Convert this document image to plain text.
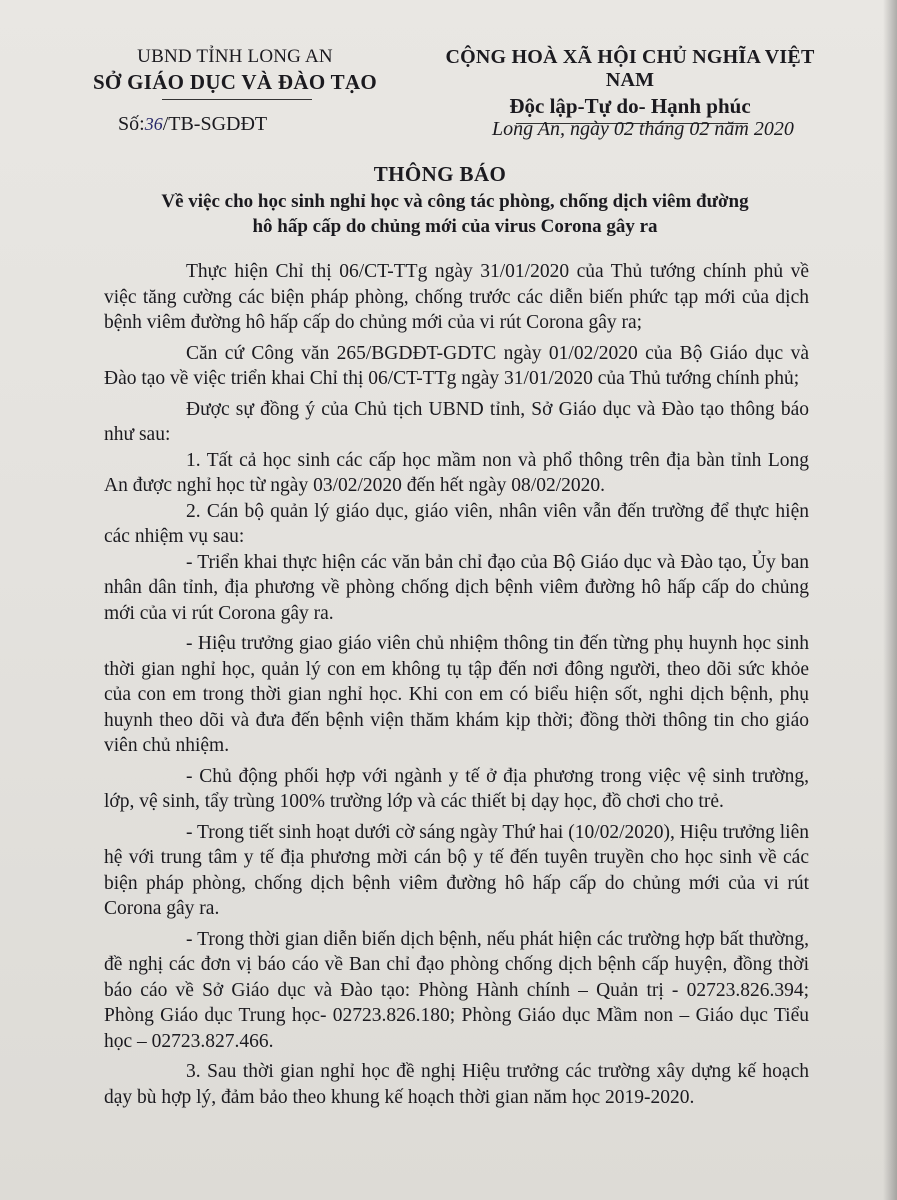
UBND TỈNH LONG AN
SỞ GIÁO DỤC VÀ ĐÀO TẠO
CỘNG HOÀ XÃ HỘI CHỦ NGHĨA VIỆT NAM
Độc lập-Tự do- Hạnh phúc
Số:36/TB-SGDĐT	Long An, ngày 02 tháng 02 năm 2020
THÔNG BÁO
Về việc cho học sinh nghỉ học và công tác phòng, chống dịch viêm đường
hô hấp cấp do chủng mới của virus Corona gây ra

Thực hiện Chỉ thị 06/CT-TTg ngày 31/01/2020 của Thủ tướng chính phủ về việc tăng cường các biện pháp phòng, chống trước các diễn biến phức tạp mới của dịch bệnh viêm đường hô hấp cấp do chủng mới của vi rút Corona gây ra;

Căn cứ Công văn 265/BGDĐT-GDTC ngày 01/02/2020 của Bộ Giáo dục và Đào tạo về việc triển khai Chỉ thị 06/CT-TTg ngày 31/01/2020 của Thủ tướng chính phủ;

Được sự đồng ý của Chủ tịch UBND tỉnh, Sở Giáo dục và Đào tạo thông báo như sau:

1. Tất cả học sinh các cấp học mầm non và phổ thông trên địa bàn tỉnh Long An được nghỉ học từ ngày 03/02/2020 đến hết ngày 08/02/2020.

2. Cán bộ quản lý giáo dục, giáo viên, nhân viên vẫn đến trường để thực hiện các nhiệm vụ sau:

- Triển khai thực hiện các văn bản chỉ đạo của Bộ Giáo dục và Đào tạo, Ủy ban nhân dân tỉnh, địa phương về phòng chống dịch bệnh viêm đường hô hấp cấp do chủng mới của vi rút Corona gây ra.

- Hiệu trưởng giao giáo viên chủ nhiệm thông tin đến từng phụ huynh học sinh thời gian nghỉ học, quản lý con em không tụ tập đến nơi đông người, theo dõi sức khỏe của con em trong thời gian nghỉ học. Khi con em có biểu hiện sốt, nghi dịch bệnh, phụ huynh theo dõi và đưa đến bệnh viện thăm khám kịp thời; đồng thời thông tin cho giáo viên chủ nhiệm.

- Chủ động phối hợp với ngành y tế ở địa phương trong việc vệ sinh trường, lớp, vệ sinh, tẩy trùng 100% trường lớp và các thiết bị dạy học, đồ chơi cho trẻ.

- Trong tiết sinh hoạt dưới cờ sáng ngày Thứ hai (10/02/2020), Hiệu trưởng liên hệ với trung tâm y tế địa phương mời cán bộ y tế đến tuyên truyền cho học sinh về các biện pháp phòng, chống dịch bệnh viêm đường hô hấp cấp do chủng mới của vi rút Corona gây ra.

- Trong thời gian diễn biến dịch bệnh, nếu phát hiện các trường hợp bất thường, đề nghị các đơn vị báo cáo về Ban chỉ đạo phòng chống dịch bệnh cấp huyện, đồng thời báo cáo về Sở Giáo dục và Đào tạo: Phòng Hành chính – Quản trị - 02723.826.394; Phòng Giáo dục Trung học- 02723.826.180; Phòng Giáo dục Mầm non – Giáo dục Tiểu học – 02723.827.466.

3. Sau thời gian nghỉ học đề nghị Hiệu trưởng các trường xây dựng kế hoạch dạy bù hợp lý, đảm bảo theo khung kế hoạch thời gian năm học 2019-2020.
